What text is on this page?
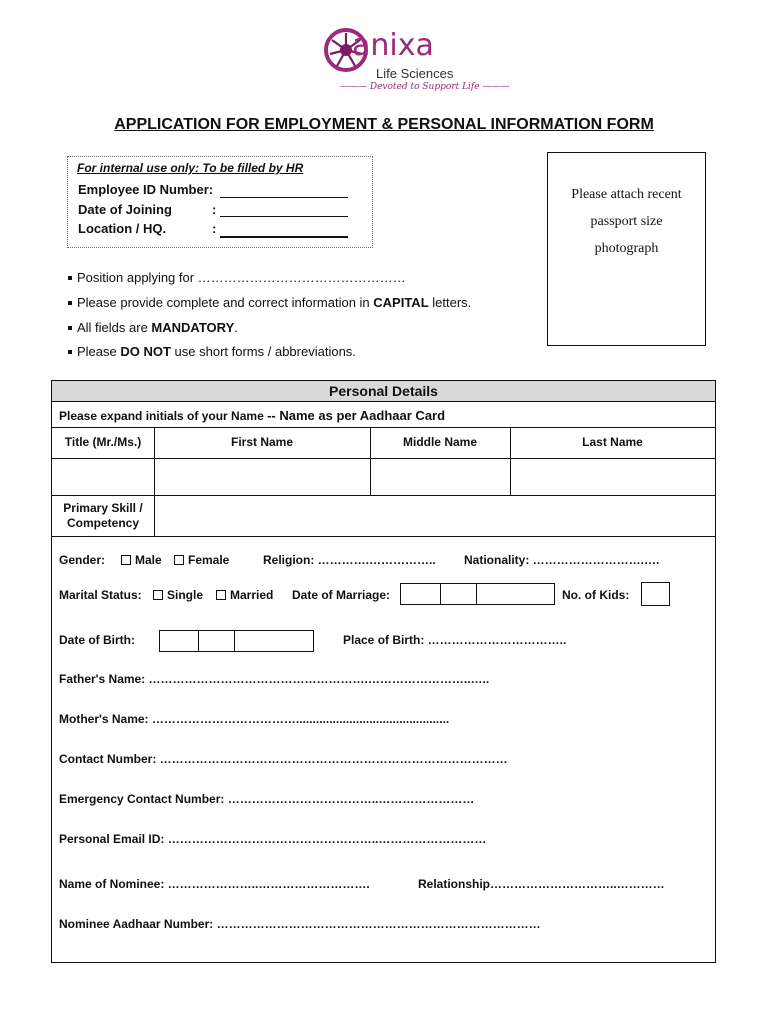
anixa
Life Sciences
——— Devoted to Support Life ———
APPLICATION FOR EMPLOYMENT & PERSONAL INFORMATION FORM
For internal use only: To be filled by HR
Employee ID Number:
Date of Joining	:
Location / HQ.	:
Please attach recent
passport size
photograph
Position applying for …………………………………………
Please provide complete and correct information in CAPITAL letters.
All fields are MANDATORY.
Please DO NOT use short forms / abbreviations.
Personal Details
Please expand initials of your Name -- Name as per Aadhaar Card
Title (Mr./Ms.)	First Name	Middle Name	Last Name
Primary Skill /
Competency
Gender:	Male	Female	Religion: ………….…………….. Nationality: ……………………….….
Marital Status:	Single	Married Date of Marriage:	No. of Kids:
Date of Birth:	Place of Birth: ……………………………..
Father's Name: ……………………………………………….……………………..…..
Mother's Name: ………………………………..............................................
Contact Number: ……………………………………………………………………………
Emergency Contact Number: ………………………………..……………………
Personal Email ID: ……………………………………………..………………………
Name of Nominee: …………………..……………………….	Relationship…………………………..…………
Nominee Aadhaar Number: ………………………………………………………………………
